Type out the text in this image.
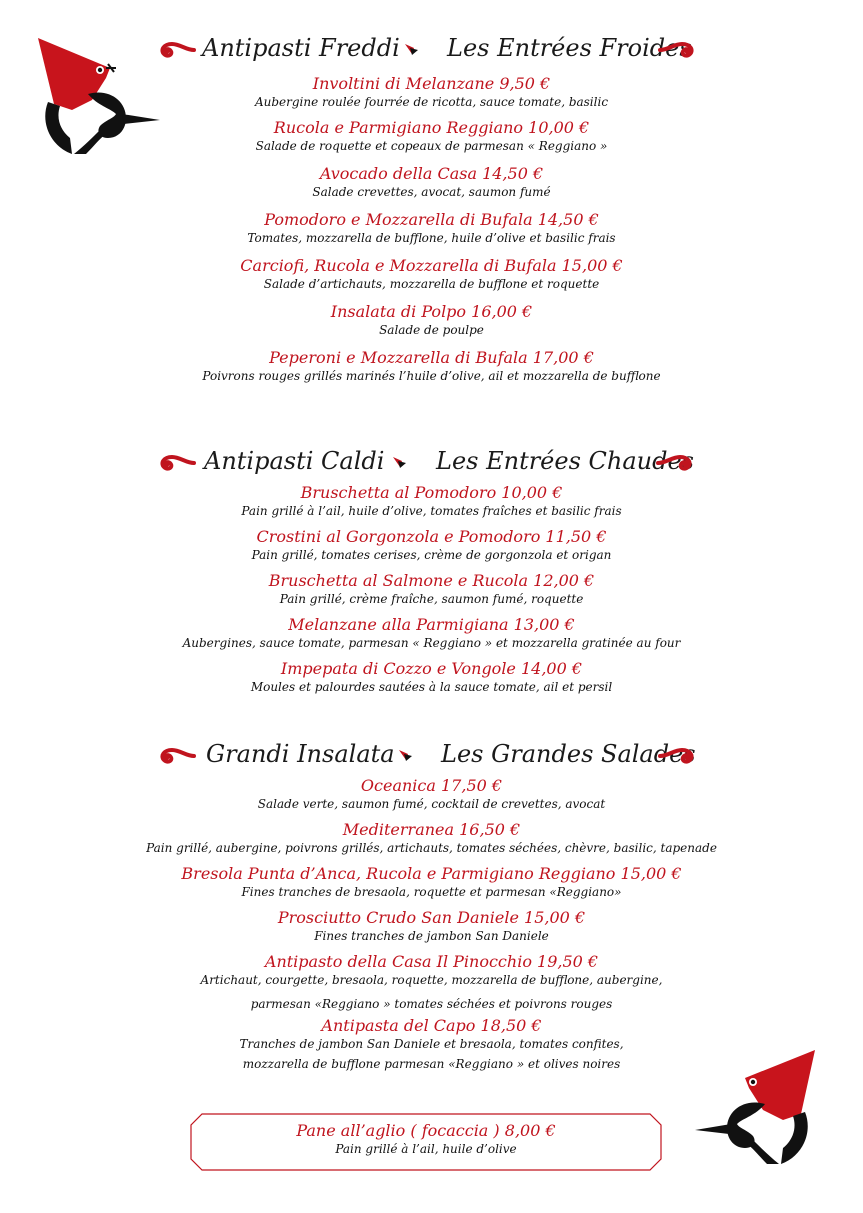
Antipasti Freddi Les Entrées Froides
Involtini di Melanzane 9,50 €
Aubergine roulée fourrée de ricotta, sauce tomate, basilic
Rucola e Parmigiano Reggiano 10,00 €
Salade de roquette et copeaux de parmesan « Reggiano »
Avocado della Casa 14,50 €
Salade crevettes, avocat, saumon fumé
Pomodoro e Mozzarella di Bufala 14,50 €
Tomates, mozzarella de bufflone, huile d’olive et basilic frais
Carciofi, Rucola e Mozzarella di Bufala 15,00 €
Salade d’artichauts, mozzarella de bufflone et roquette
Insalata di Polpo 16,00 €
Salade de poulpe
Peperoni e Mozzarella di Bufala 17,00 €
Poivrons rouges grillés marinés l’huile d’olive, ail et mozzarella de bufflone
Antipasti Caldi Les Entrées Chaudes
Bruschetta al Pomodoro 10,00 €
Pain grillé à l’ail, huile d’olive, tomates fraîches et basilic frais
Crostini al Gorgonzola e Pomodoro 11,50 €
Pain grillé, tomates cerises, crème de gorgonzola et origan
Bruschetta al Salmone e Rucola 12,00 €
Pain grillé, crème fraîche, saumon fumé, roquette
Melanzane alla Parmigiana 13,00 €
Aubergines, sauce tomate, parmesan « Reggiano » et mozzarella gratinée au four
Impepata di Cozzo e Vongole 14,00 €
Moules et palourdes sautées à la sauce tomate, ail et persil
Grandi Insalata Les Grandes Salades
Oceanica 17,50 €
Salade verte, saumon fumé, cocktail de crevettes, avocat
Mediterranea 16,50 €
Pain grillé, aubergine, poivrons grillés, artichauts, tomates séchées, chèvre, basilic, tapenade
Bresola Punta d’Anca, Rucola e Parmigiano Reggiano 15,00 €
Fines tranches de bresaola, roquette et parmesan «Reggiano»
Prosciutto Crudo San Daniele 15,00 €
Fines tranches de jambon San Daniele
Antipasto della Casa Il Pinocchio 19,50 €
Artichaut, courgette, bresaola, roquette, mozzarella de bufflone, aubergine,
parmesan «Reggiano » tomates séchées et poivrons rouges
Antipasta del Capo 18,50 €
Tranches de jambon San Daniele et bresaola, tomates confites,
mozzarella de bufflone parmesan «Reggiano » et olives noires
Pane all’aglio ( focaccia ) 8,00 €
Pain grillé à l’ail, huile d’olive
